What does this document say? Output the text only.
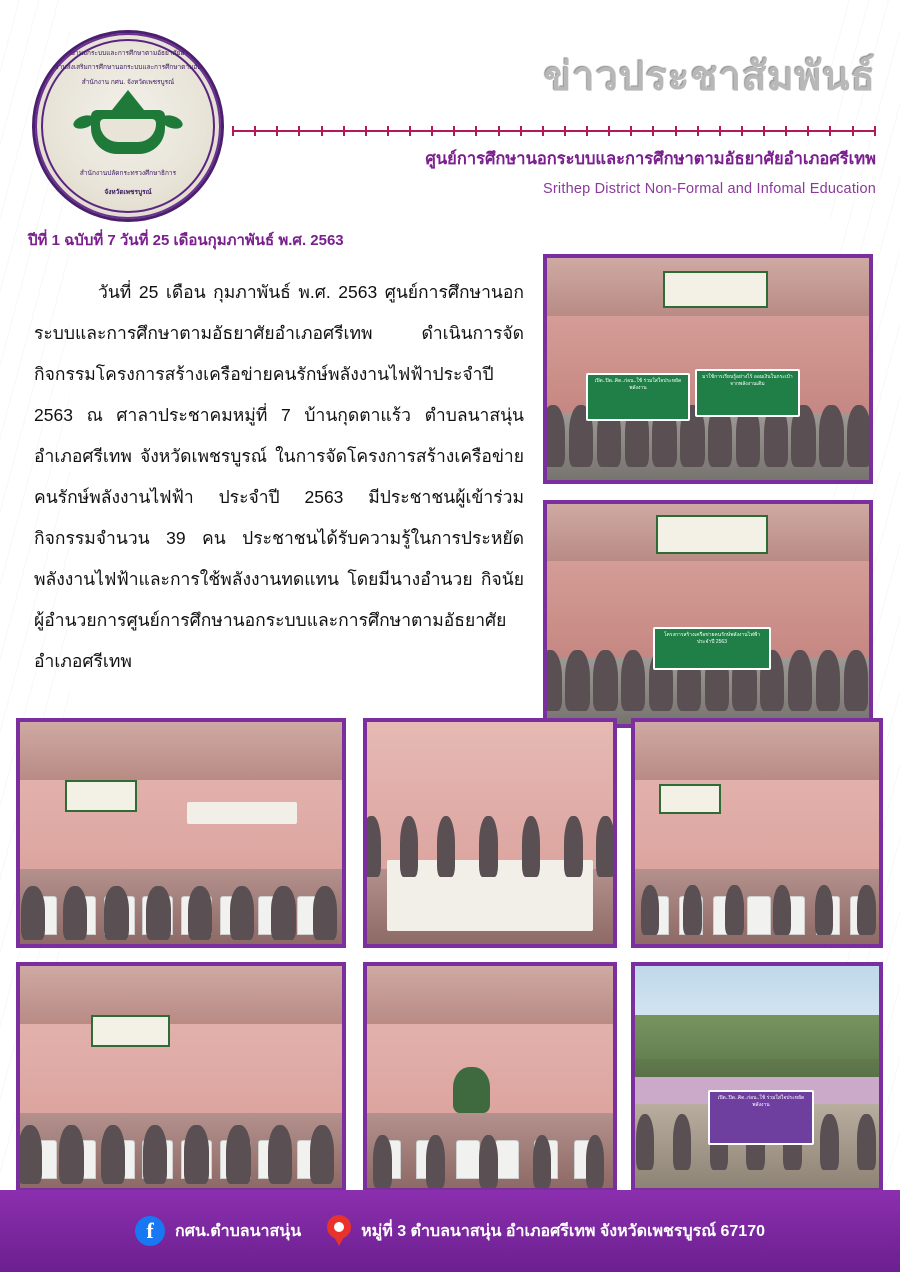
ศูนย์การศึกษานอกระบบและการศึกษาตามอัธยาศัยอำเภอศรีเทพ
สำนักงานส่งเสริมการศึกษานอกระบบและการศึกษาตามอัธยาศัย
สำนักงาน กศน. จังหวัดเพชรบูรณ์
สำนักงานปลัดกระทรวงศึกษาธิการ
จังหวัดเพชรบูรณ์
ข่าวประชาสัมพันธ์
ศูนย์การศึกษานอกระบบและการศึกษาตามอัธยาศัยอำเภอศรีเทพ
Srithep District Non-Formal and Infomal Education
ปีที่ 1 ฉบับที่ 7 วันที่ 25 เดือนกุมภาพันธ์ พ.ศ. 2563
วันที่ 25 เดือน กุมภาพันธ์ พ.ศ. 2563 ศูนย์การศึกษานอกระบบและการศึกษาตามอัธยาศัยอำเภอศรีเทพ ดำเนินการจัดกิจกรรมโครงการสร้างเครือข่ายคนรักษ์พลังงานไฟฟ้าประจำปี 2563 ณ ศาลาประชาคมหมู่ที่ 7 บ้านกุดตาแร้ว ตำบลนาสนุ่น อำเภอศรีเทพ จังหวัดเพชรบูรณ์ ในการจัดโครงการสร้างเครือข่ายคนรักษ์พลังงานไฟฟ้า ประจำปี 2563 มีประชาชนผู้เข้าร่วมกิจกรรมจำนวน 39 คน ประชาชนได้รับความรู้ในการประหยัดพลังงานไฟฟ้าและการใช้พลังงานทดแทน โดยมีนางอำนวย กิจนัย ผู้อำนวยการศูนย์การศึกษานอกระบบและการศึกษาตามอัธยาศัยอำเภอศรีเทพ
เปิด..ปิด..คิด..ก่อน..ใช้ ร่วมใส่ใจประหยัดพลังงาน
มาใช้การเรียนรู้อย่างไร้ ออมเงินในกระเป๋าจากพลังงานเดิม
โครงการสร้างเครือข่ายคนรักษ์พลังงานไฟฟ้า ประจำปี 2563
เปิด..ปิด..คิด..ก่อน..ใช้ ร่วมใส่ใจประหยัดพลังงาน
f	กศน.ตำบลนาสนุ่น	หมู่ที่ 3 ตำบลนาสนุ่น อำเภอศรีเทพ จังหวัดเพชรบูรณ์ 67170
